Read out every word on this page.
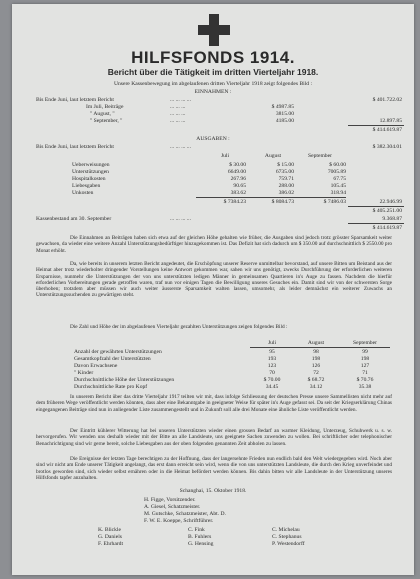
HILFSFONDS 1914.
Bericht über die Tätigkeit im dritten Vierteljahr 1918.
Unsere Kassenbewegung im abgelaufenen dritten Vierteljahr 1918 zeigt folgendes Bild :
EINNAHMEN :
Bis Ende Juni, laut letztem Bericht	... ... ... ...	$ 401.722.02
Im Juli, Beiträge	... ... ...	$ 4987.85
" August, "	... ... ...	3815.00
" September, "	... ... ...	4185.00	12.897.85
$ 414.619.87
AUSGABEN :
Bis Ende Juni, laut letztem Bericht	... ... ... ...	$ 382.304.01
Juli	August	September
Ueberweisungen	$ 30.00	$ 15.00	$ 60.00
Unterstützungen	6649.00	6735.00	7005.89
Hospitalkosten	267.96	759.71	67.75
Liebesgaben	90.65	288.00	105.45
Unkosten	383.62	386.02	318.94
$ 7384.23	$ 8084.73	$ 7486.03	22.946.99
$ 405.251.00
Kassenbestand am 30. September	... ... ... ...	9.368.87
$ 414.619.87
Die Einnahmen an Beiträgen haben sich etwa auf der gleichen Höhe gehalten wie früher, die Ausgaben sind jedoch trotz grösster Sparsamkeit weiter gewachsen, da wieder eine weitere Anzahl Unterstützungsbedürftiger hinzugekommen ist. Das Defizit hat sich dadurch um $ 350.00 auf durchschnittlich $ 2550.00 pro Monat erhöht.
Da, wie bereits in unserem letzten Bericht angedeutet, die Erschöpfung unserer Reserve unmittelbar bevorstand, auf unsere Bitten um Beistand aus der Heimat aber trotz wiederholter dringender Vorstellungen keine Antwort gekommen war, sahen wir uns genötigt, zwecks Durchführung der erforderlichen weiteren Ersparnisse, nunmehr die Unterstützungen der von uns unterstützten ledigen Männer in gemeinsamen Quartieren in's Auge zu fassen. Nachdem die hierfür erforderlichen Vorbereitungen gerade getroffen waren, traf nun vor einigen Tagen die Bewilligung unseres Gesuches ein. Damit sind wir von der schwersten Sorge überhoben; trotzdem aber müssen wir auch weiter äusserste Sparsamkeit walten lassen, umsomehr, als leider demnächst ein weiterer Zuwachs an Unterstützungssuchenden zu gewärtigen steht.
Die Zahl und Höhe der im abgelaufenen Vierteljahr gezahlten Unterstützungen zeigen folgendes Bild :
Juli	August	September
Anzahl der gewährten Unterstützungen	95	98	99
Gesamtkopfzahl der Unterstützten	193	198	198
Davon Erwachsene	123	126	127
" Kinder	70	72	71
Durchschnittliche Höhe der Unterstützungen	$ 70.00	$ 68.72	$ 70.76
Durchschnittliche Rate pro Kopf	34.45	34.12	35.38
In unserem Bericht über das dritte Vierteljahr 1917 teilten wir mit, dass infolge Schliessung der deutschen Presse unsere Sammellisten nicht mehr auf dem früheren Wege veröffentlicht werden könnten, dass aber eine Bekanntgabe in geeigneter Weise für später in's Auge gefasst sei. Da seit der Kriegserklärung Chinas eingegangenen Beiträge sind nun in anliegender Liste zusammengestellt und in Zukunft soll alle drei Monate eine ähnliche Liste veröffentlicht werden.
Der Eintritt kühlerer Witterung hat bei unseren Unterstützten wieder einen grossen Bedarf an warmer Kleidung, Unterzeug, Schuhwerk u. s. w. hervorgerufen. Wir wenden uns deshalb wieder mit der Bitte an alle Landsleute, uns geeignete Sachen zuwenden zu wollen. Bei schriftlicher oder telephonischer Benachrichtigung sind wir gerne bereit, solche Liebesgaben aus der oben folgenden genannten Zeit abholen zu lassen.
Die Ereignisse der letzten Tage berechtigen zu der Hoffnung, dass der langersehnte Frieden nun endlich bald den Welt wiedergegeben wird. Noch aber sind wir nicht am Ende unserer Tätigkeit angelangt, das erst dann erreicht sein wird, wenn die von uns unterstützten Landsleute, die durch den Krieg unverfeindet und brotlos geworden sind, sich wieder selbst ernähren oder in die Heimat befördert werden können. Bis dahin bitten wir alle Landsleute in der Unterstützung unseres Hilfsfonds tapfer anzuhalten.
Schanghai, 15. Oktober 1918.
H. Figge, Vorsitzender.
A. Giesel, Schatzmeister.
M. Gutschke, Schatzmeister, Abt. D.
F. W. E. Koeppe, Schriftführer.
K. Blickle	C. Fink	C. Michelau
G. Daniels	B. Fuhlers	C. Stephanus
F. Ehrhardt	G. Hensing	P. Westendorff
